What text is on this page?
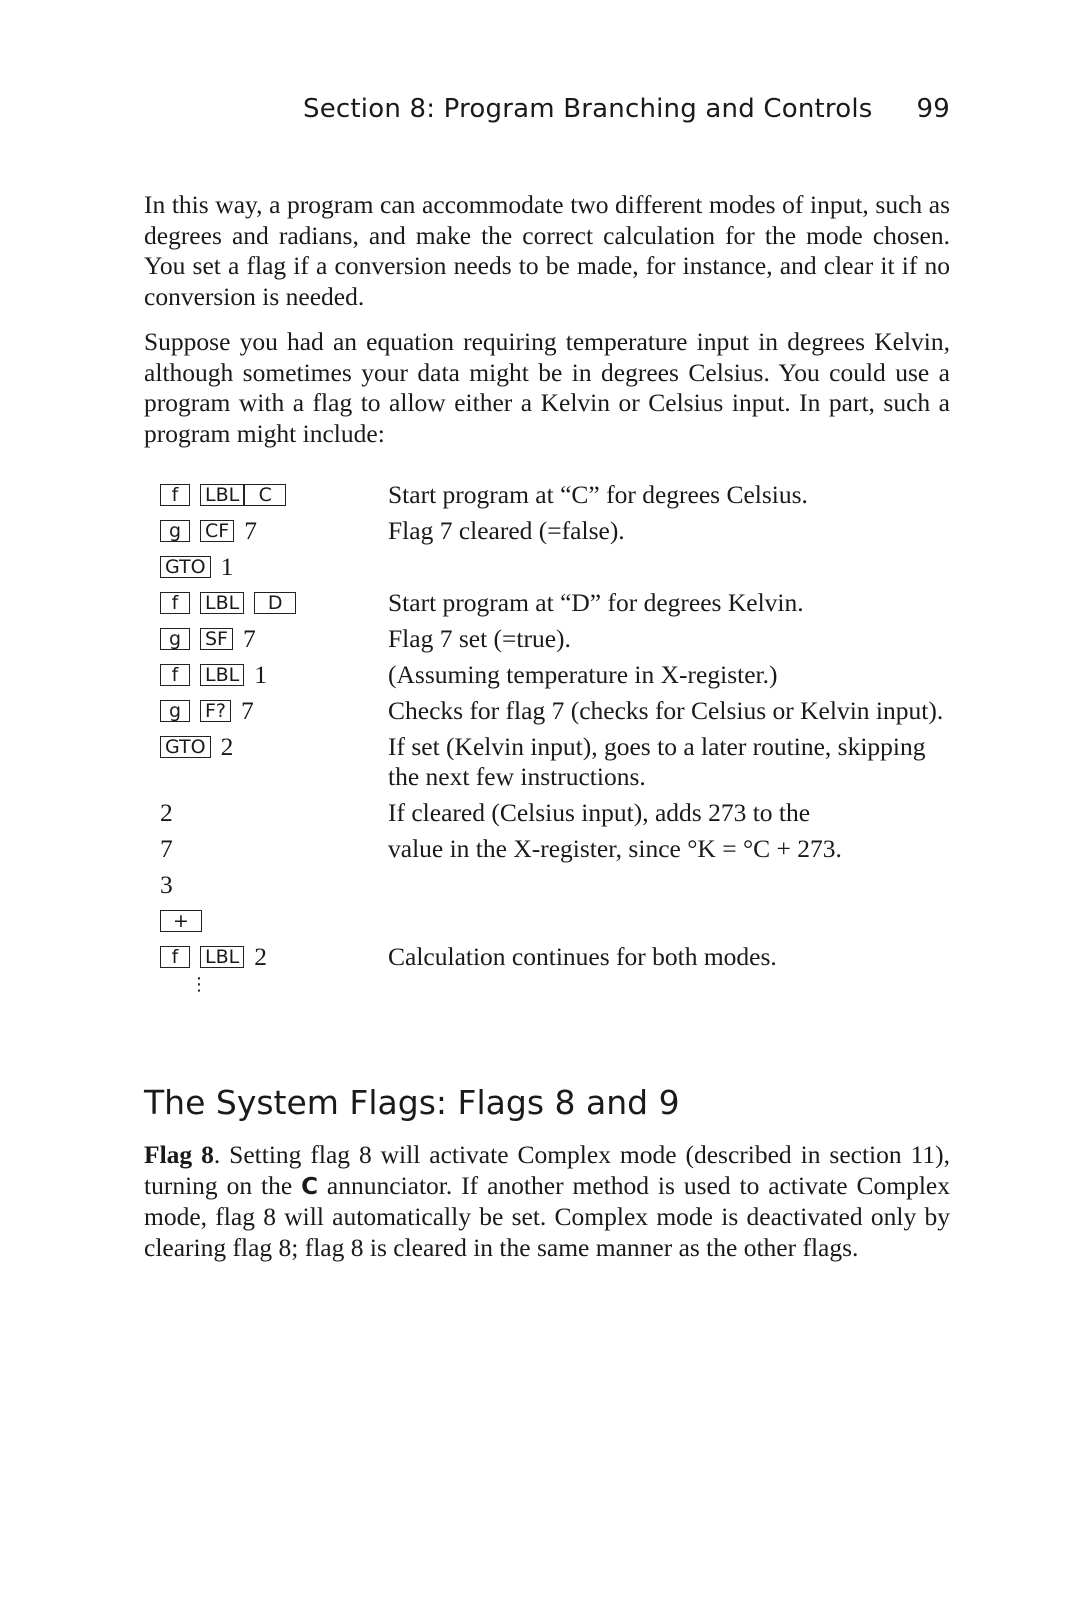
Section 8: Program Branching and Controls 99

In this way, a program can accommodate two different modes of input, such as degrees and radians, and make the correct calculation for the mode chosen. You set a flag if a conversion needs to be made, for instance, and clear it if no conversion is needed.

Suppose you had an equation requiring temperature input in degrees Kelvin, although sometimes your data might be in degrees Celsius. You could use a program with a flag to allow either a Kelvin or Celsius input. In part, such a program might include:

f	LBL	C	Start program at “C” for degrees Celsius.
g	CF 7	Flag 7 cleared (=false).
GTO 1
f	LBL	D	Start program at “D” for degrees Kelvin.
g	SF 7	Flag 7 set (=true).
f	LBL 1	(Assuming temperature in X-register.)
g	F? 7	Checks for flag 7 (checks for Celsius or Kelvin input).
GTO 2	If set (Kelvin input), goes to a later routine, skipping the next few instructions.
2	If cleared (Celsius input), adds 273 to the
7	value in the X-register, since °K = °C + 273.
3
+
f	LBL 2	Calculation continues for both modes.
⋮
The System Flags: Flags 8 and 9

Flag 8. Setting flag 8 will activate Complex mode (described in section 11), turning on the C annunciator. If another method is used to activate Complex mode, flag 8 will automatically be set. Complex mode is deactivated only by clearing flag 8; flag 8 is cleared in the same manner as the other flags.
